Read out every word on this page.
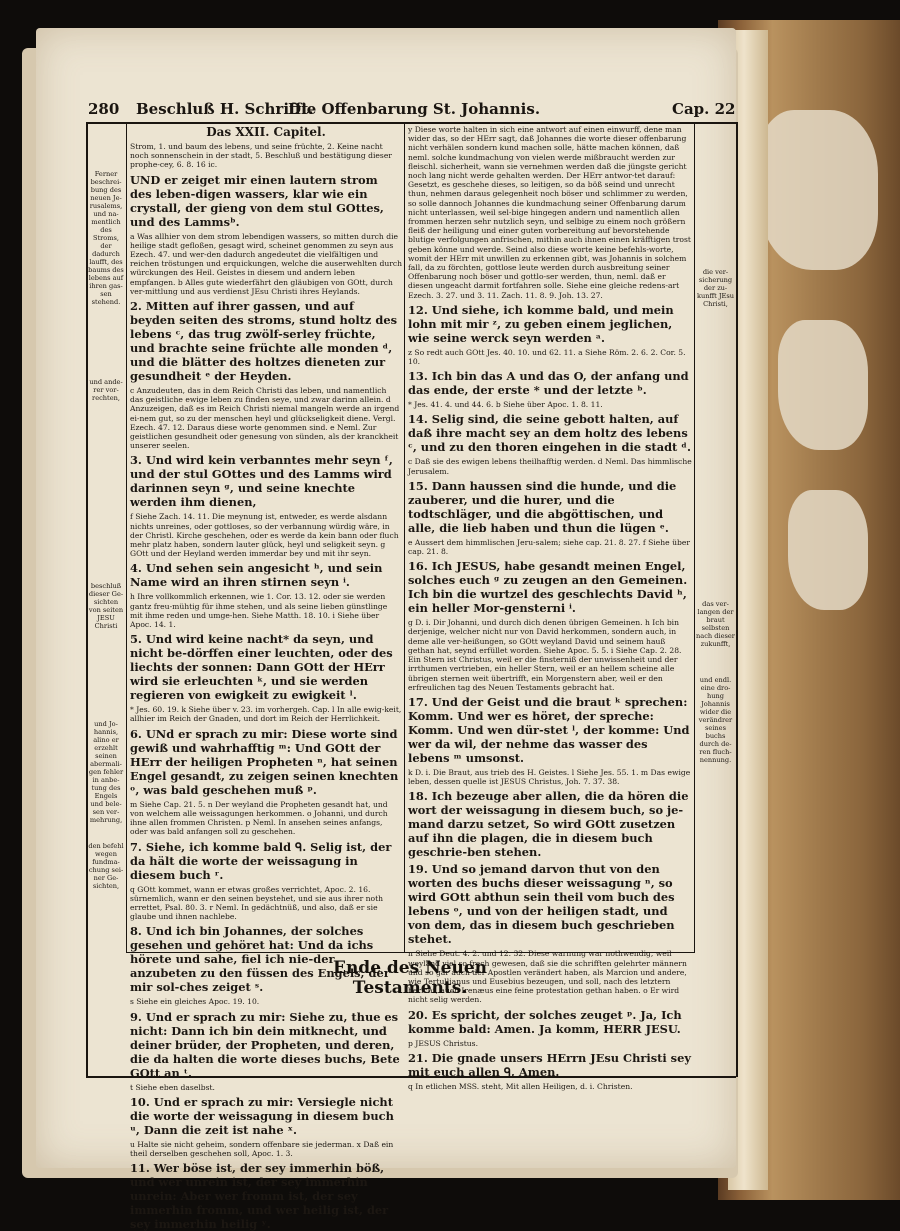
280 Beschluß H. Schrifft.
Die Offenbarung St. Johannis.	Cap. 22
Ferner beschrei-bung des neuen Je-rusalems, und na-mentlich des Stroms, der dadurch laufft, des baums des lebens auf ihren gas-sen stehend.
und ande-rer vor-rechten,
beschluß dieser Ge-sichten von seiten JESU Christi
und Jo-hannis, alino er erzehlt seinen abermali-gen fehler in anbe-tung des Engels und bele-sen ver-mehrung,
den befehl wegen fundma-chung sei-ner Ge-sichten,
die ver-sicherung der zu-kunfft JEsu Christi,
das ver-langen der braut selbsten nach dieser zukunfft,
und endl. eine dro-hung Johannis wider die verändrer seines buchs durch de-ren fluch-nennung.

Das XXII. Capitel.

Strom, 1. und baum des lebens, und seine früchte, 2. Keine nacht noch sonnenschein in der stadt, 5. Beschluß und bestätigung dieser prophe-cey, 6. 8. 16 ic.

UND er zeiget mir einen lautern strom des leben-digen wassers, klar wie ein crystall, der gieng von dem stul GOttes, und des Lammsᵇ.

a Was allhier von dem strom lebendigen wassers, so mitten durch die heilige stadt gefloßen, gesagt wird, scheinet genommen zu seyn aus Ezech. 47. und wer-den dadurch angedeutet die vielfältigen und reichen tröstungen und erquickungen, welche die auserwehlten durch würckungen des Heil. Geistes in diesem und andern leben empfangen. b Alles gute wiederfährt den gläubigen von GOtt, durch ver-mittlung und aus verdienst JEsu Christi ihres Heylands.

2. Mitten auf ihrer gassen, und auf beyden seiten des stroms, stund holtz des lebens ᶜ, das trug zwölf-serley früchte, und brachte seine früchte alle monden ᵈ, und die blätter des holtzes dieneten zur gesundheit ᵉ der Heyden.

c Anzudeuten, das in dem Reich Christi das leben, und namentlich das geistliche ewige leben zu finden seye, und zwar darinn allein. d Anzuzeigen, daß es im Reich Christi niemal mangeln werde an irgend ei-nem gut, so zu der menschen heyl und glückseligkeit diene. Vergl. Ezech. 47. 12. Daraus diese worte genommen sind. e Neml. Zur geistlichen gesundheit oder genesung von sünden, als der kranckheit unserer seelen.

3. Und wird kein verbanntes mehr seyn ᶠ, und der stul GOttes und des Lamms wird darinnen seyn ᵍ, und seine knechte werden ihm dienen,

f Siehe Zach. 14. 11. Die meynung ist, entweder, es werde alsdann nichts unreines, oder gottloses, so der verbannung würdig wäre, in der Christl. Kirche geschehen, oder es werde da kein bann oder fluch mehr platz haben, sondern lauter glück, heyl und seligkeit seyn. g GOtt und der Heyland werden immerdar bey und mit ihr seyn.

4. Und sehen sein angesicht ʰ, und sein Name wird an ihren stirnen seyn ⁱ.

h Ihre vollkommlich erkennen, wie 1. Cor. 13. 12. oder sie werden gantz freu-mühtig für ihme stehen, und als seine lieben günstlinge mit ihme reden und umge-hen. Siehe Matth. 18. 10. i Siehe über Apoc. 14. 1.

5. Und wird keine nacht* da seyn, und nicht be-dörffen einer leuchten, oder des liechts der sonnen: Dann GOtt der HErr wird sie erleuchten ᵏ, und sie werden regieren von ewigkeit zu ewigkeit ˡ.

* Jes. 60. 19. k Siehe über v. 23. im vorhergeh. Cap. l In alle ewig-keit, allhier im Reich der Gnaden, und dort im Reich der Herrlichkeit.

6. UNd er sprach zu mir: Diese worte sind gewiß und wahrhafftig ᵐ: Und GOtt der HErr der heiligen Propheten ⁿ, hat seinen Engel gesandt, zu zeigen seinen knechten ᵒ, was bald geschehen muß ᵖ.

m Siehe Cap. 21. 5. n Der weyland die Propheten gesandt hat, und von welchem alle weissagungen herkommen. o Johanni, und durch ihne allen frommen Christen. p Neml. In ansehen seines anfangs, oder was bald anfangen soll zu geschehen.

7. Siehe, ich komme bald ᑫ. Selig ist, der da hält die worte der weissagung in diesem buch ʳ.

q GOtt kommet, wann er etwas großes verrichtet, Apoc. 2. 16. sürnemlich, wann er den seinen beystehet, und sie aus ihrer noth errettet, Psal. 80. 3. r Neml. In gedächtnüß, und also, daß er sie glaube und ihnen nachlebe.

8. Und ich bin Johannes, der solches gesehen und gehöret hat: Und da ichs hörete und sahe, fiel ich nie-der anzubeten zu den füssen des Engels, der mir sol-ches zeiget ˢ.

s Siehe ein gleiches Apoc. 19. 10.

9. Und er sprach zu mir: Siehe zu, thue es nicht: Dann ich bin dein mitknecht, und deiner brüder, der Propheten, und deren, die da halten die worte dieses buchs, Bete GOtt an ᵗ.

t Siehe eben daselbst.

10. Und er sprach zu mir: Versiegle nicht die worte der weissagung in diesem buch ᵘ, Dann die zeit ist nahe ˣ.

u Halte sie nicht geheim, sondern offenbare sie jederman. x Daß ein theil derselben geschehen soll, Apoc. 1. 3.

11. Wer böse ist, der sey immerhin böß, und wer unrein ist, der sey immerhin unrein: Aber wer fromm ist, der sey immerhin fromm, und wer heilig ist, der sey immerhin heilig ʸ.

y Diese worte halten in sich eine antwort auf einen einwurff, dene man wider das, so der HErr sagt, daß Johannes die worte dieser offenbarung nicht verhälen sondern kund machen solle, hätte machen können, daß neml. solche kundmachung von vielen werde mißbraucht werden zur fleischl. sicherheit, wann sie vernehmen werden daß die jüngste gericht noch lang nicht werde gehalten werden. Der HErr antwor-tet darauf: Gesetzt, es geschehe dieses, so leitigen, so da böß seind und unrecht thun, nehmen daraus gelegenheit noch böser und schlimmer zu werden, so solle dannoch Johannes die kundmachung seiner Offenbarung darum nicht unterlassen, weil sel-bige hingegen andern und namentlich allen frommen herzen sehr nutzlich seyn, und selbige zu einem noch größern fleiß der heiligung und einer guten vorbereitung auf bevorstehende blutige verfolgungen anfrischen, mithin auch ihnen einen kräfftigen trost geben könne und werde. Seind also diese worte keine befehls-worte, womit der HErr mit unwillen zu erkennen gibt, was Johannis in solchem fall, da zu förchten, gottlose leute werden durch ausbreitung seiner Offenbarung noch böser und gottlo-ser werden, thun, neml. daß er diesen ungeacht darmit fortfahren solle. Siehe eine gleiche redens-art Ezech. 3. 27. und 3. 11. Zach. 11. 8. 9. Joh. 13. 27.

12. Und siehe, ich komme bald, und mein lohn mit mir ᶻ, zu geben einem jeglichen, wie seine werck seyn werden ᵃ.

z So redt auch GOtt Jes. 40. 10. und 62. 11. a Siehe Röm. 2. 6. 2. Cor. 5. 10.

13. Ich bin das A und das O, der anfang und das ende, der erste * und der letzte ᵇ.

* Jes. 41. 4. und 44. 6. b Siehe über Apoc. 1. 8. 11.

14. Selig sind, die seine gebott halten, auf daß ihre macht sey an dem holtz des lebens ᶜ, und zu den thoren eingehen in die stadt ᵈ.

c Daß sie des ewigen lebens theilhafftig werden. d Neml. Das himmlische Jerusalem.

15. Dann haussen sind die hunde, und die zauberer, und die hurer, und die todtschläger, und die abgöttischen, und alle, die lieb haben und thun die lügen ᵉ.

e Aussert dem himmlischen Jeru-salem; siehe cap. 21. 8. 27. f Siehe über cap. 21. 8.

16. Ich JESUS, habe gesandt meinen Engel, solches euch ᵍ zu zeugen an den Gemeinen. Ich bin die wurtzel des geschlechts David ʰ, ein heller Mor-gensterni ⁱ.

g D. i. Dir Johanni, und durch dich denen übrigen Gemeinen. h Ich bin derjenige, welcher nicht nur von David herkommen, sondern auch, in deme alle ver-heißungen, so GOtt weyland David und seinem hauß gethan hat, seynd erfüllet worden. Siehe Apoc. 5. 5. i Siehe Cap. 2. 28. Ein Stern ist Christus, weil er die finsterniß der unwissenheit und der irrthumen vertrieben, ein heller Stern, weil er an hellem scheine alle übrigen sternen weit übertrifft, ein Morgenstern aber, weil er den erfreulichen tag des Neuen Testaments gebracht hat.

17. Und der Geist und die braut ᵏ sprechen: Komm. Und wer es höret, der spreche: Komm. Und wen dür-stet ˡ, der komme: Und wer da wil, der nehme das wasser des lebens ᵐ umsonst.

k D. i. Die Braut, aus trieb des H. Geistes. l Siehe Jes. 55. 1. m Das ewige leben, dessen quelle ist JESUS Christus, Joh. 7. 37. 38.

18. Ich bezeuge aber allen, die da hören die wort der weissagung in diesem buch, so je-mand darzu setzet, So wird GOtt zusetzen auf ihn die plagen, die in diesem buch geschrie-ben stehen.

19. Und so jemand darvon thut von den worten des buchs dieser weissagung ⁿ, so wird GOtt abthun sein theil vom buch des lebens ᵒ, und von der heiligen stadt, und von dem, das in diesem buch geschrieben stehet.

n Siehe Deut. 4. 2. und 12. 32. Diese warnung war nothwendig, weil weyland viel so frech gewesen, daß sie die schrifften gelehrter männern und so gar auch der Apostlen verändert haben, als Marcion und andere, wie Tertullianus und Eusebius bezeugen, und soll, nach des letztern bericht, auch Irenæus eine feine protestation gethan haben. o Er wird nicht selig werden.

20. Es spricht, der solches zeuget ᵖ. Ja, Ich komme bald: Amen. Ja komm, HERR JESU.

p JESUS Christus.

21. Die gnade unsers HErrn JEsu Christi sey mit euch allen ᑫ, Amen.

q In etlichen MSS. steht, Mit allen Heiligen, d. i. Christen.

Ende des Neuen Testaments.
